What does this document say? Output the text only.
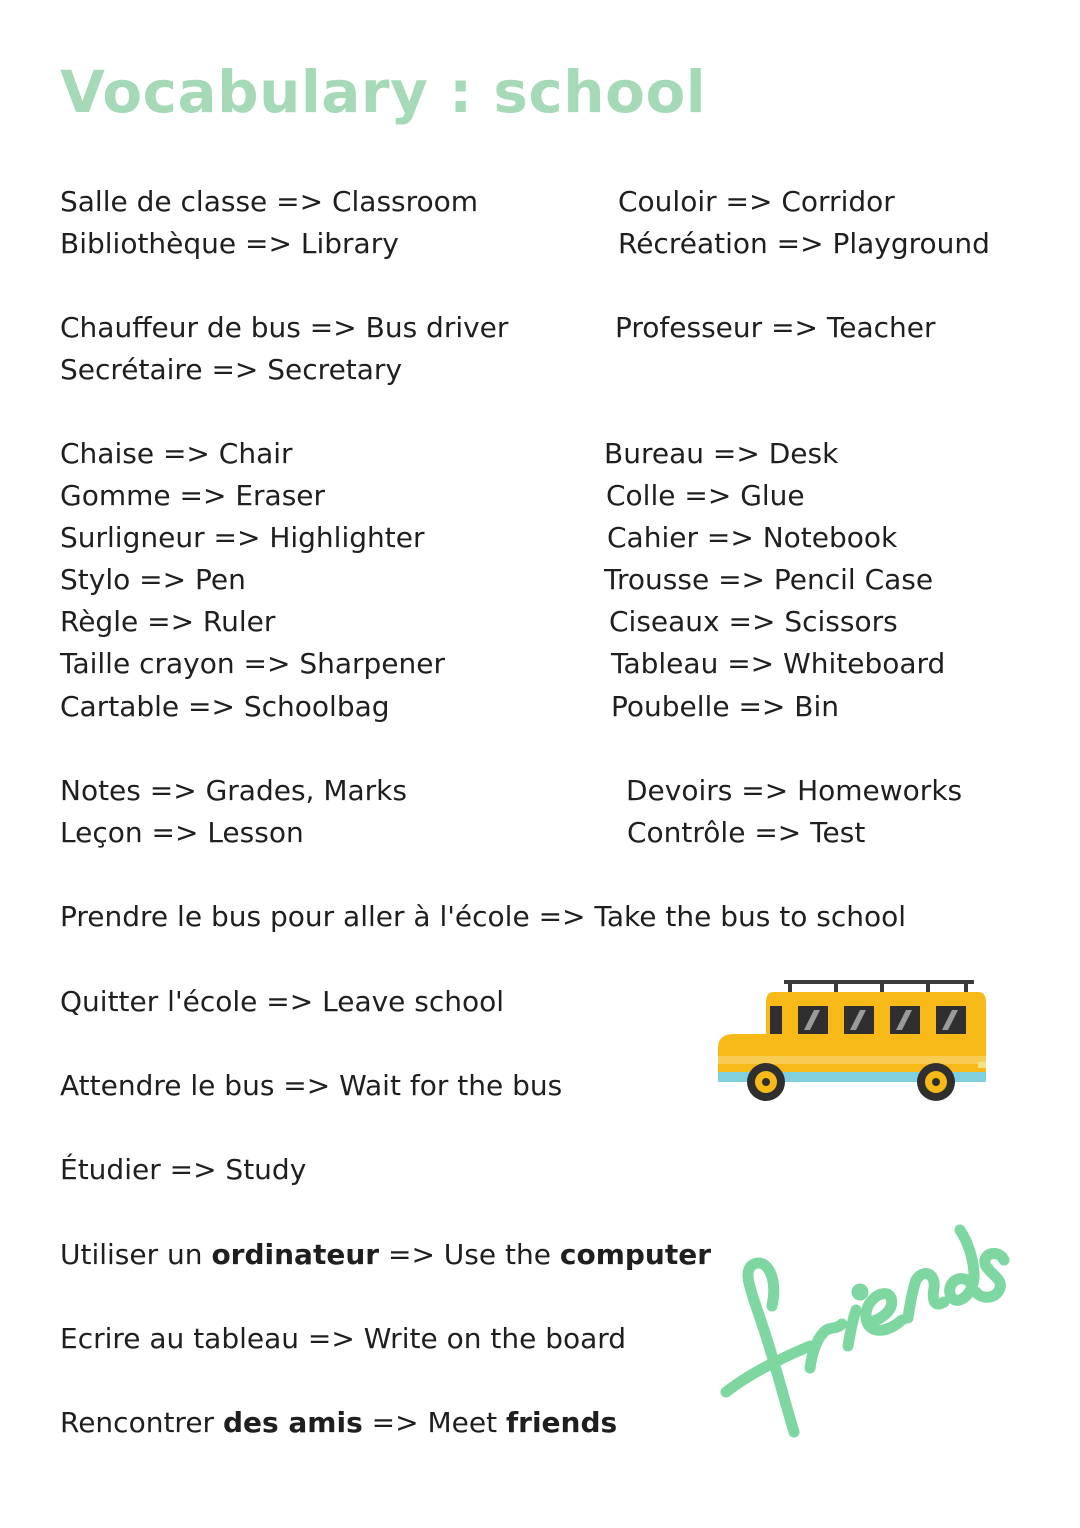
Vocabulary : school

Salle de classe => Classroom

Bibliothèque => Library

Couloir => Corridor

Récréation => Playground

Chauffeur de bus => Bus driver

Secrétaire => Secretary

Professeur => Teacher

Chaise => Chair

Gomme => Eraser

Surligneur => Highlighter

Stylo => Pen

Règle => Ruler

Taille crayon => Sharpener

Cartable => Schoolbag

Bureau => Desk

Colle => Glue

Cahier => Notebook

Trousse => Pencil Case

Ciseaux => Scissors

Tableau => Whiteboard

Poubelle => Bin

Notes => Grades, Marks

Leçon => Lesson

Devoirs => Homeworks

Contrôle => Test

Prendre le bus pour aller à l'école => Take the bus to school

Quitter l'école => Leave school

Attendre le bus => Wait for the bus

Étudier => Study

Utiliser un ordinateur => Use the computer

Ecrire au tableau => Write on the board

Rencontrer des amis => Meet friends
